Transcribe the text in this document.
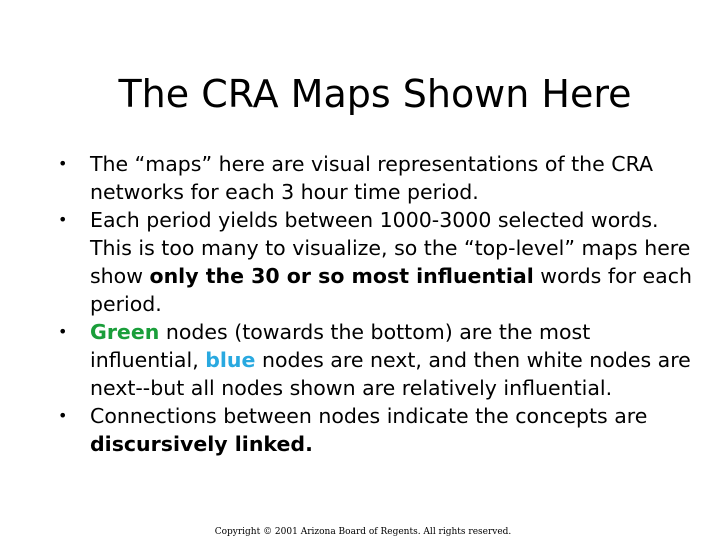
The CRA Maps Shown Here
•	The “maps” here are visual representations of the CRA networks for each 3 hour time period.
•	Each period yields between 1000-3000 selected words. This is too many to visualize, so the “top-level” maps here show only the 30 or so most influential words for each period.
•	Green nodes (towards the bottom) are the most influential, blue nodes are next, and then white nodes are next--but all nodes shown are relatively influential.
•	Connections between nodes indicate the concepts are discursively linked.
Copyright © 2001 Arizona Board of Regents. All rights reserved.
